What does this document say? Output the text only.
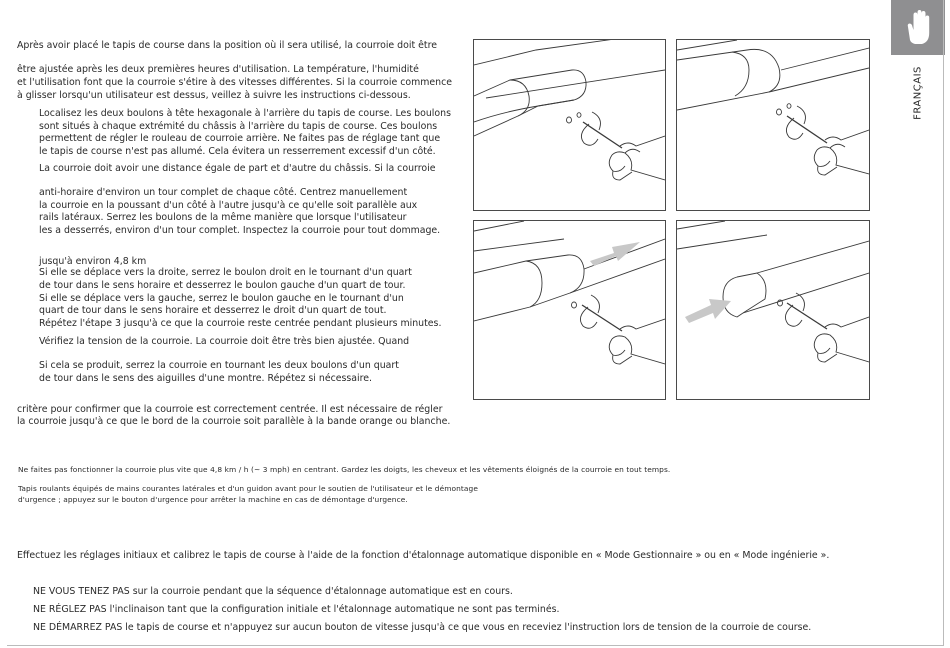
FRANÇAIS
Après avoir placé le tapis de course dans la position où il sera utilisé, la courroie doit être
être ajustée après les deux premières heures d'utilisation. La température, l'humidité
et l'utilisation font que la courroie s'étire à des vitesses différentes. Si la courroie commence
à glisser lorsqu'un utilisateur est dessus, veillez à suivre les instructions ci-dessous.
Localisez les deux boulons à tête hexagonale à l'arrière du tapis de course. Les boulons
sont situés à chaque extrémité du châssis à l'arrière du tapis de course. Ces boulons
permettent de régler le rouleau de courroie arrière. Ne faites pas de réglage tant que
le tapis de course n'est pas allumé. Cela évitera un resserrement excessif d'un côté.
La courroie doit avoir une distance égale de part et d'autre du châssis. Si la courroie
anti-horaire d'environ un tour complet de chaque côté. Centrez manuellement
la courroie en la poussant d'un côté à l'autre jusqu'à ce qu'elle soit parallèle aux
rails latéraux. Serrez les boulons de la même manière que lorsque l'utilisateur
les a desserrés, environ d'un tour complet. Inspectez la courroie pour tout dommage.
jusqu'à environ 4,8 km
Si elle se déplace vers la droite, serrez le boulon droit en le tournant d'un quart
de tour dans le sens horaire et desserrez le boulon gauche d'un quart de tour.
Si elle se déplace vers la gauche, serrez le boulon gauche en le tournant d'un
quart de tour dans le sens horaire et desserrez le droit d'un quart de tout.
Répétez l'étape 3 jusqu'à ce que la courroie reste centrée pendant plusieurs minutes.
Vérifiez la tension de la courroie. La courroie doit être très bien ajustée. Quand
Si cela se produit, serrez la courroie en tournant les deux boulons d'un quart
de tour dans le sens des aiguilles d'une montre. Répétez si nécessaire.
critère pour confirmer que la courroie est correctement centrée. Il est nécessaire de régler
la courroie jusqu'à ce que le bord de la courroie soit parallèle à la bande orange ou blanche.
Ne faites pas fonctionner la courroie plus vite que 4,8 km / h (~ 3 mph) en centrant. Gardez les doigts, les cheveux et les vêtements éloignés de la courroie en tout temps.
Tapis roulants équipés de mains courantes latérales et d'un guidon avant pour le soutien de l'utilisateur et le démontage
d'urgence ; appuyez sur le bouton d'urgence pour arrêter la machine en cas de démontage d'urgence.
Effectuez les réglages initiaux et calibrez le tapis de course à l'aide de la fonction d'étalonnage automatique disponible en « Mode Gestionnaire » ou en « Mode ingénierie ».
NE VOUS TENEZ PAS sur la courroie pendant que la séquence d'étalonnage automatique est en cours.
NE RÉGLEZ PAS l'inclinaison tant que la configuration initiale et l'étalonnage automatique ne sont pas terminés.
NE DÉMARREZ PAS le tapis de course et n'appuyez sur aucun bouton de vitesse jusqu'à ce que vous en receviez l'instruction lors de tension de la courroie de course.
